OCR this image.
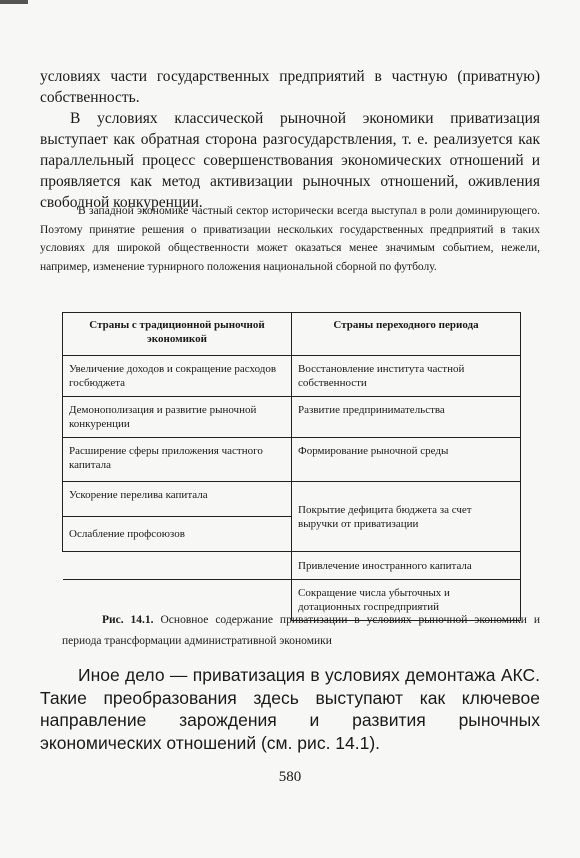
условиях части государственных предприятий в частную (приватную) собственность.

В условиях классической рыночной экономики приватизация выступает как обратная сторона разгосударствления, т. е. реализуется как параллельный процесс совершенствования экономических отношений и проявляется как метод активизации рыночных отношений, оживления свободной конкуренции.

В западной экономике частный сектор исторически всегда выступал в роли доминирующего. Поэтому принятие решения о приватизации нескольких государственных предприятий в таких условиях для широкой общественности может оказаться менее значимым событием, нежели, например, изменение турнирного положения национальной сборной по футболу.

Страны с традиционной рыночной экономикой	Страны переходного периода
Увеличение доходов и сокращение расходов госбюджета	Восстановление института частной собственности
Демонополизация и развитие рыночной конкуренции	Развитие предпринимательства
Расширение сферы приложения частного капитала	Формирование рыночной среды
Ускорение перелива капитала	Покрытие дефицита бюджета за счет выручки от приватизации
Ослабление профсоюзов	
	Привлечение иностранного капитала
	Сокращение числа убыточных и дотационных госпредприятий

Рис. 14.1. Основное содержание приватизации в условиях рыночной экономики и периода трансформации административной экономики

Иное дело — приватизация в условиях демонтажа АКС. Такие преобразования здесь выступают как ключевое направление зарождения и развития рыночных экономических отношений (см. рис. 14.1).

580
